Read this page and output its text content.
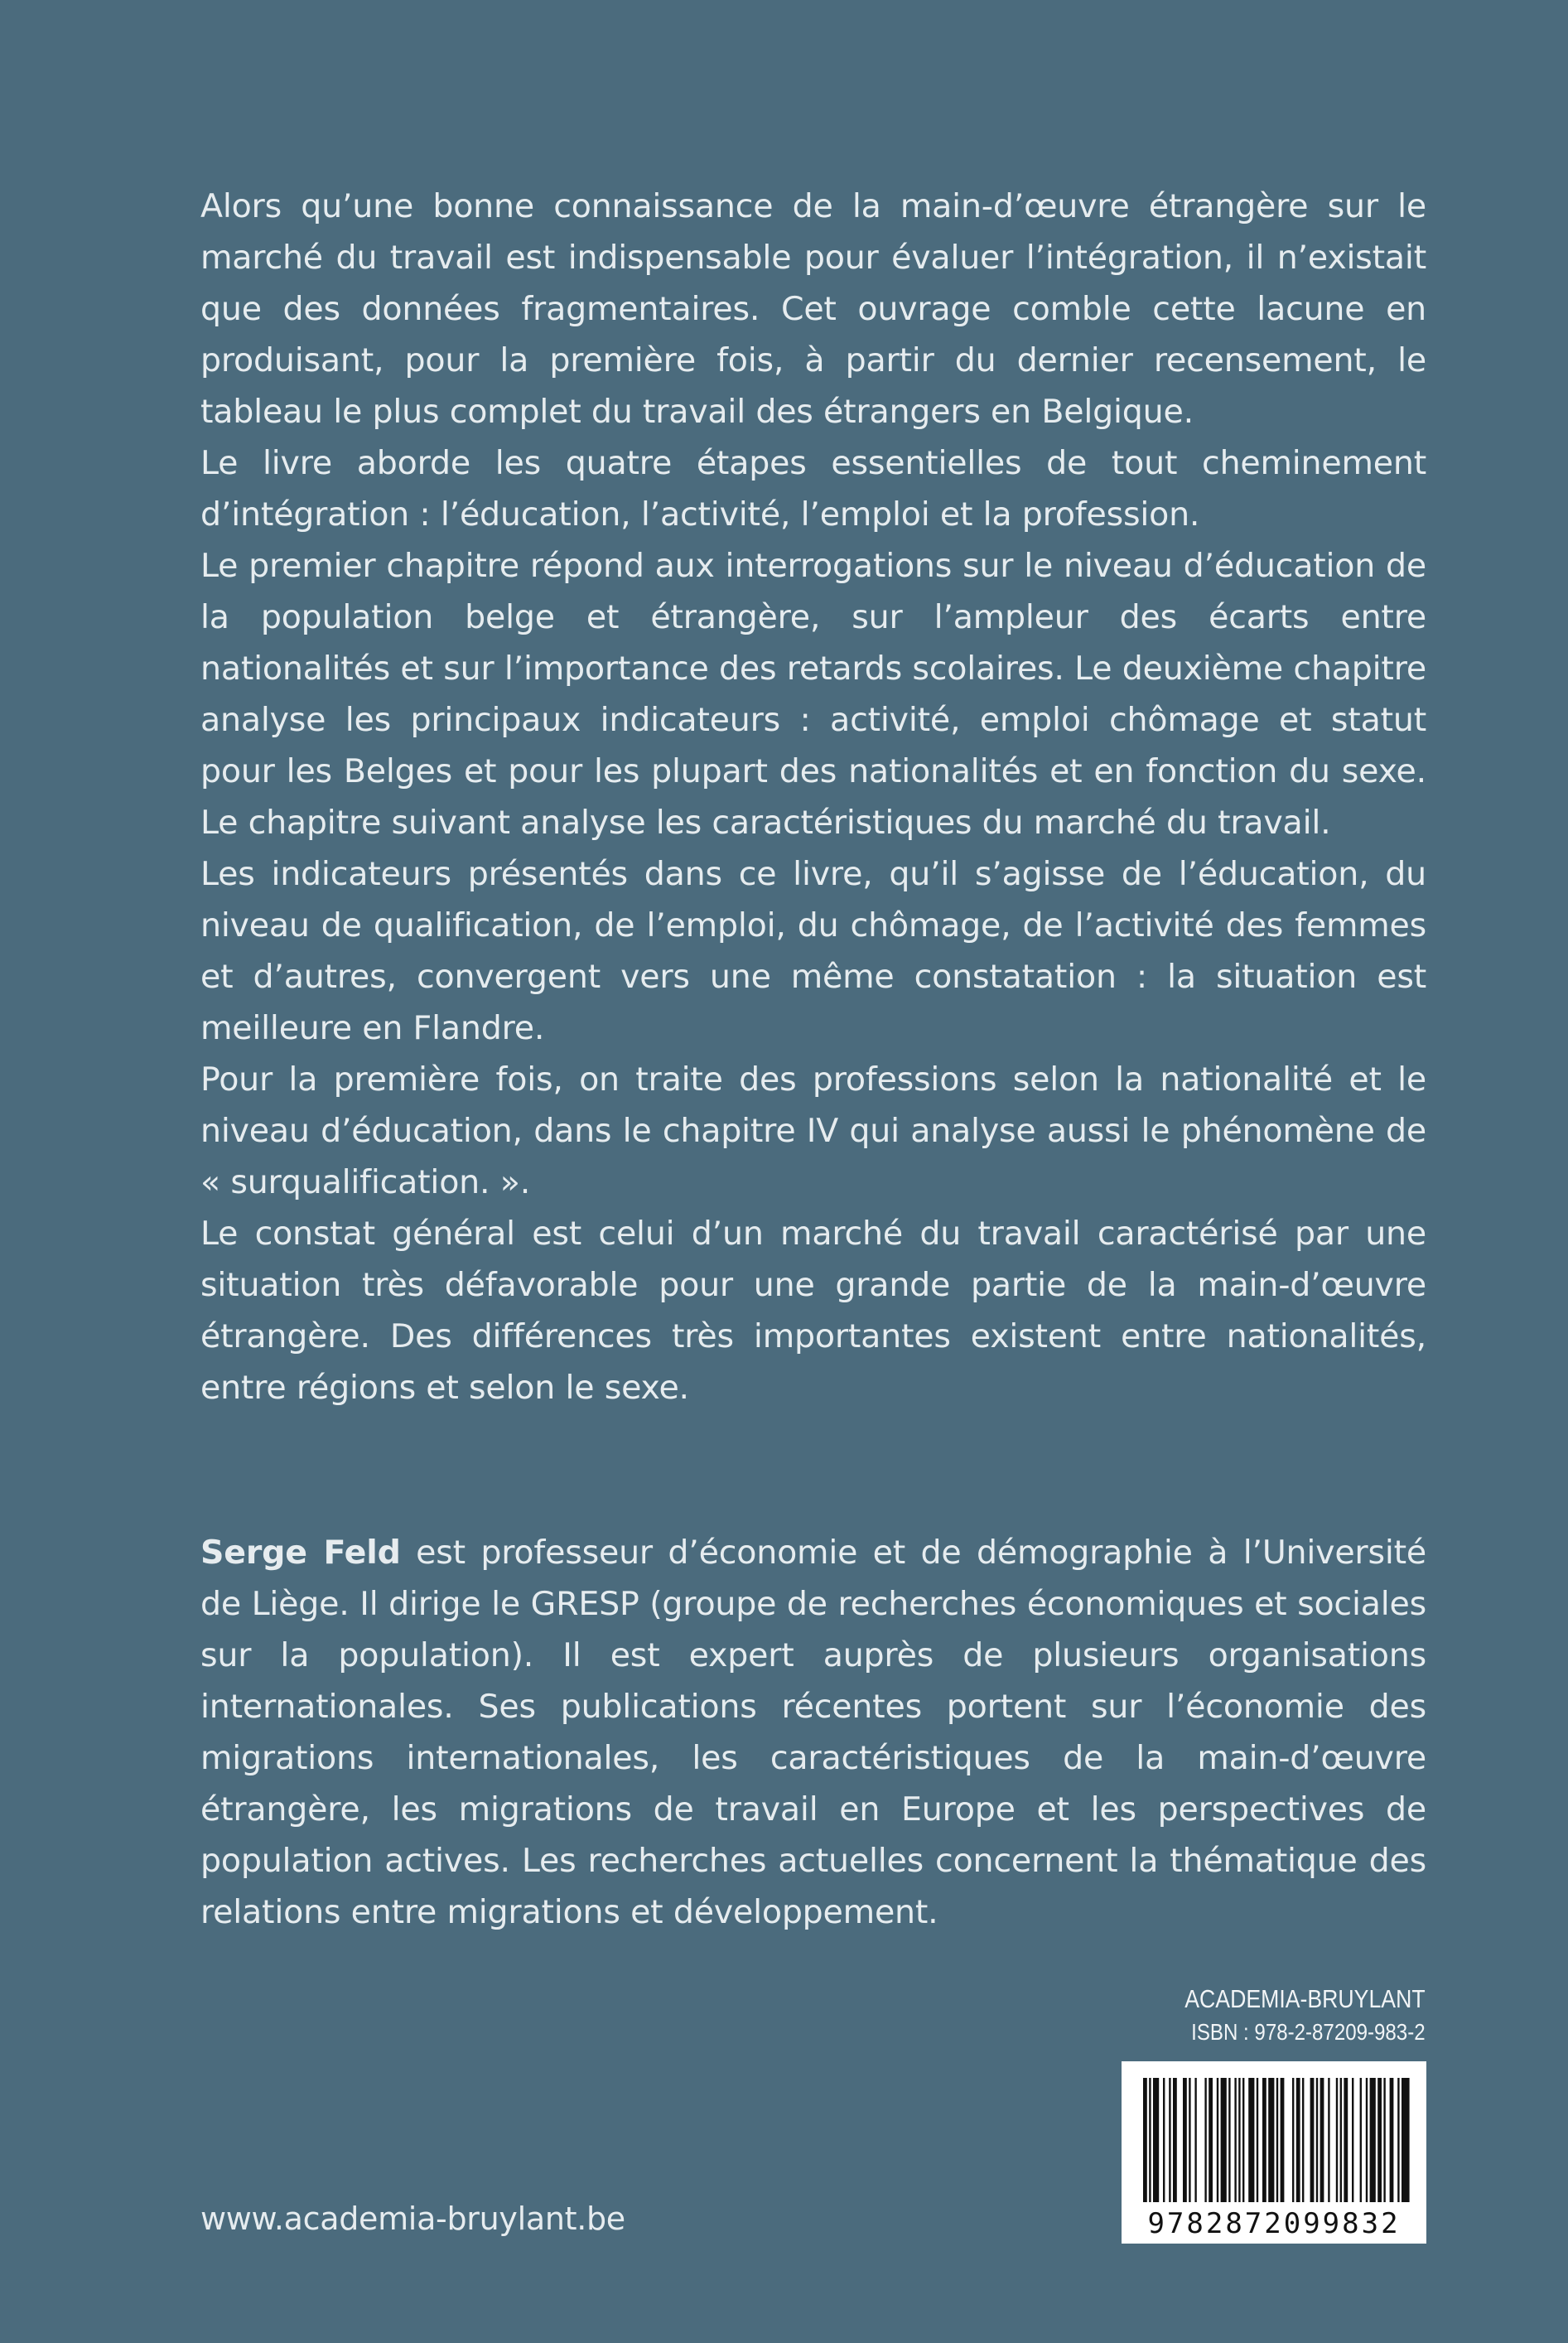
Alors qu’une bonne connaissance de la main-d’œuvre étrangère sur le marché du travail est indispensable pour évaluer l’intégration, il n’existait que des données fragmentaires. Cet ouvrage comble cette lacune en produisant, pour la première fois, à partir du dernier recensement, le tableau le plus complet du travail des étrangers en Belgique.

Le livre aborde les quatre étapes essentielles de tout cheminement d’intégration : l’éducation, l’activité, l’emploi et la profession.

Le premier chapitre répond aux interrogations sur le niveau d’éducation de la population belge et étrangère, sur l’ampleur des écarts entre nationalités et sur l’importance des retards scolaires. Le deuxième chapitre analyse les principaux indicateurs : activité, emploi chômage et statut pour les Belges et pour les plupart des nationalités et en fonction du sexe. Le chapitre suivant analyse les caractéristiques du marché du travail.

Les indicateurs présentés dans ce livre, qu’il s’agisse de l’éducation, du niveau de qualification, de l’emploi, du chômage, de l’activité des femmes et d’autres, convergent vers une même constatation : la situation est meilleure en Flandre.

Pour la première fois, on traite des professions selon la nationalité et le niveau d’éducation, dans le chapitre IV qui analyse aussi le phénomène de « surqualification. ».

Le constat général est celui d’un marché du travail caractérisé par une situation très défavorable pour une grande partie de la main-d’œuvre étrangère. Des différences très importantes existent entre nationalités, entre régions et selon le sexe.

Serge Feld est professeur d’économie et de démographie à l’Université de Liège. Il dirige le GRESP (groupe de recherches économiques et sociales sur la population). Il est expert auprès de plusieurs organisations internationales. Ses publications récentes portent sur l’économie des migrations internationales, les caractéristiques de la main-d’œuvre étrangère, les migrations de travail en Europe et les perspectives de population actives. Les recherches actuelles concernent la thématique des relations entre migrations et développement.

ACADEMIA-BRUYLANT
ISBN : 978-2-87209-983-2
9782872099832
www.academia-bruylant.be
